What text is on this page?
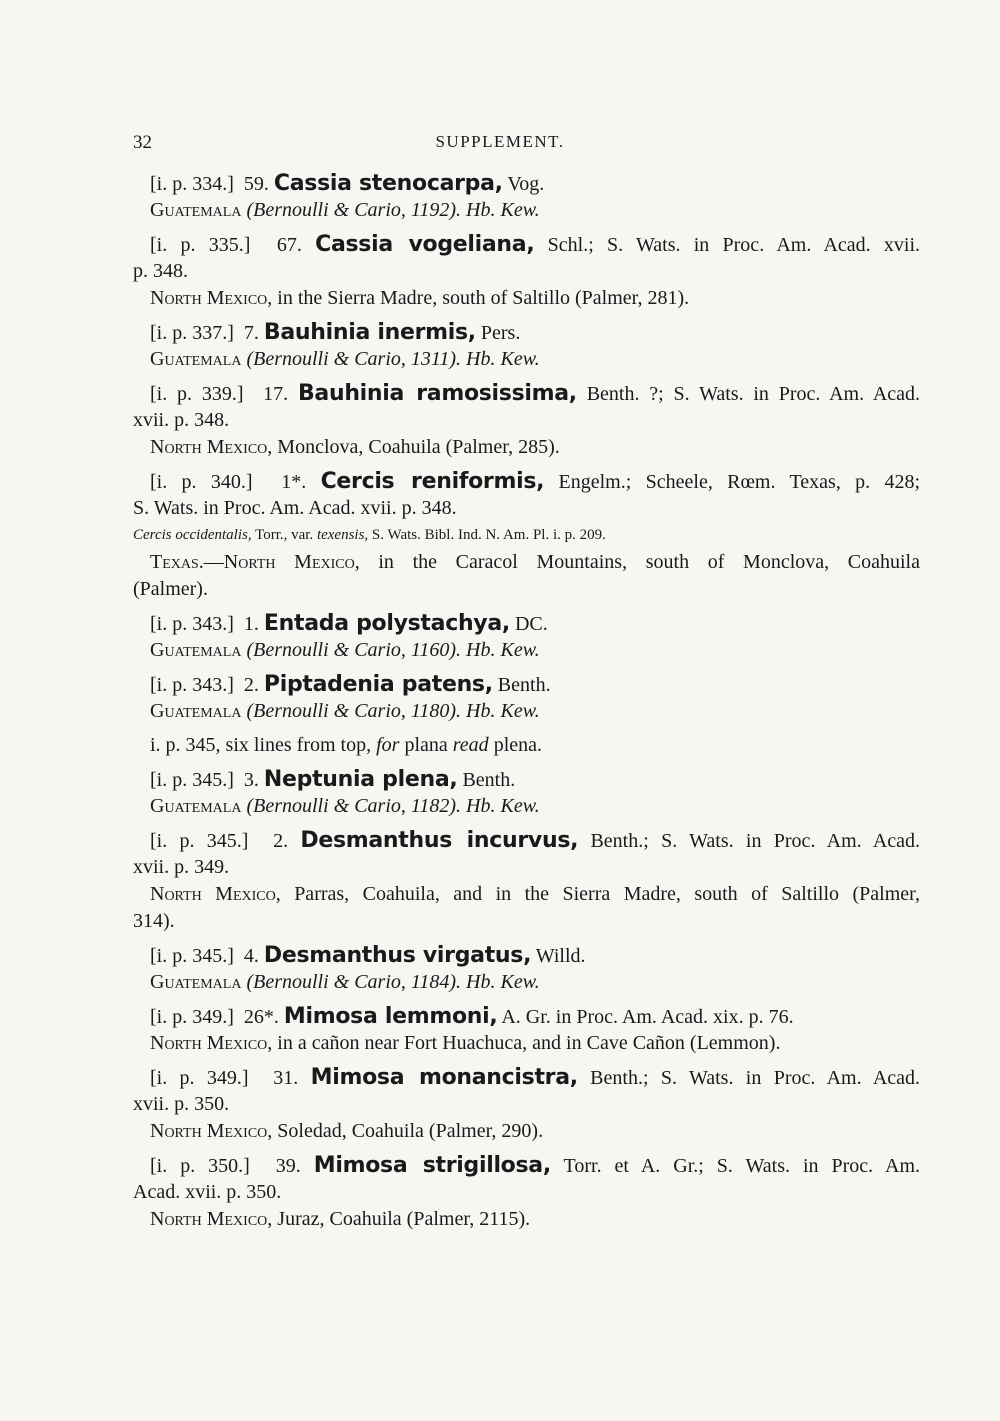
32	SUPPLEMENT.
[i. p. 334.] 59. Cassia stenocarpa, Vog.
Guatemala (Bernoulli & Cario, 1192). Hb. Kew.
[i. p. 335.] 67. Cassia vogeliana, Schl.; S. Wats. in Proc. Am. Acad. xvii.
p. 348.
North Mexico, in the Sierra Madre, south of Saltillo (Palmer, 281).
[i. p. 337.] 7. Bauhinia inermis, Pers.
Guatemala (Bernoulli & Cario, 1311). Hb. Kew.
[i. p. 339.] 17. Bauhinia ramosissima, Benth. ?; S. Wats. in Proc. Am. Acad.
xvii. p. 348.
North Mexico, Monclova, Coahuila (Palmer, 285).
[i. p. 340.] 1*. Cercis reniformis, Engelm.; Scheele, Rœm. Texas, p. 428;
S. Wats. in Proc. Am. Acad. xvii. p. 348.
Cercis occidentalis, Torr., var. texensis, S. Wats. Bibl. Ind. N. Am. Pl. i. p. 209.
Texas.—North Mexico, in the Caracol Mountains, south of Monclova, Coahuila
(Palmer).
[i. p. 343.] 1. Entada polystachya, DC.
Guatemala (Bernoulli & Cario, 1160). Hb. Kew.
[i. p. 343.] 2. Piptadenia patens, Benth.
Guatemala (Bernoulli & Cario, 1180). Hb. Kew.
i. p. 345, six lines from top, for plana read plena.
[i. p. 345.] 3. Neptunia plena, Benth.
Guatemala (Bernoulli & Cario, 1182). Hb. Kew.
[i. p. 345.] 2. Desmanthus incurvus, Benth.; S. Wats. in Proc. Am. Acad.
xvii. p. 349.
North Mexico, Parras, Coahuila, and in the Sierra Madre, south of Saltillo (Palmer,
314).
[i. p. 345.] 4. Desmanthus virgatus, Willd.
Guatemala (Bernoulli & Cario, 1184). Hb. Kew.
[i. p. 349.] 26*. Mimosa lemmoni, A. Gr. in Proc. Am. Acad. xix. p. 76.
North Mexico, in a cañon near Fort Huachuca, and in Cave Cañon (Lemmon).
[i. p. 349.] 31. Mimosa monancistra, Benth.; S. Wats. in Proc. Am. Acad.
xvii. p. 350.
North Mexico, Soledad, Coahuila (Palmer, 290).
[i. p. 350.] 39. Mimosa strigillosa, Torr. et A. Gr.; S. Wats. in Proc. Am.
Acad. xvii. p. 350.
North Mexico, Juraz, Coahuila (Palmer, 2115).
